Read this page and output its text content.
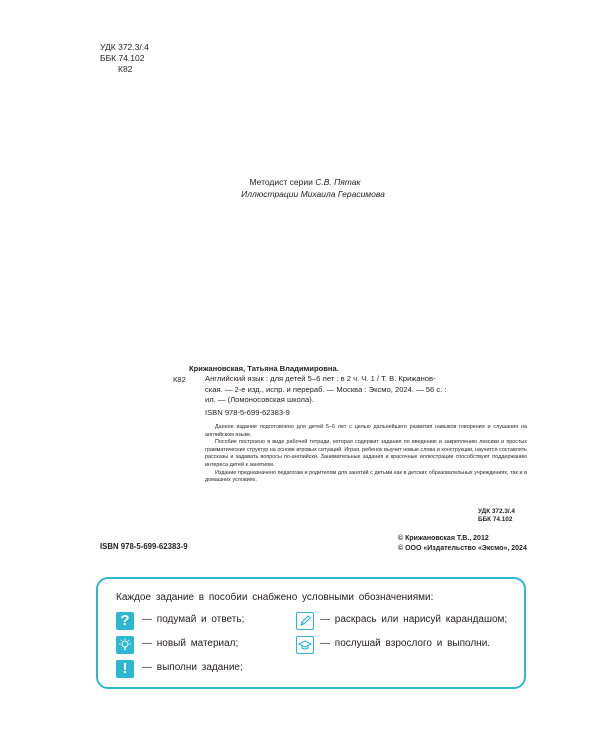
УДК 372.3/.4
ББК 74.102
К82
Методист серии С.В. Пятак
Иллюстрации Михаила Герасимова
К82
Крижановская, Татьяна Владимировна.
Английский язык : для детей 5–6 лет : в 2 ч. Ч. 1 / Т. В. Крижанов-
ская. — 2-е изд., испр. и перераб. — Москва : Эксмо, 2024. — 56 с. :
ил. — (Ломоносовская школа).
ISBN 978-5-699-62383-9

Данное издание подготовлено для детей 5–6 лет с целью дальнейшего развития навыков говорения и слушания на английском языке.

Пособие построено в виде рабочей тетради, которая содержит задания по введению и закреплению лексики и простых грамматических структур на основе игровых ситуаций. Играя, ребенок выучит новые слова и конструкции, научится составлять рассказы и задавать вопросы по-английски. Занимательные задания и красочные иллюстрации способствуют поддержанию интереса детей к занятиям.

Издание предназначено педагогам и родителям для занятий с детьми как в детских образовательных учреждениях, так и в домашних условиях.

УДК 372.3/.4
ББК 74.102
ISBN 978-5-699-62383-9
© Крижановская Т.В., 2012
© ООО «Издательство «Эксмо», 2024
Каждое задание в пособии снабжено условными обозначениями:
? — подумай и ответь;
— новый материал;
! — выполни задание;
— раскрась или нарисуй карандашом;
— послушай взрослого и выполни.
